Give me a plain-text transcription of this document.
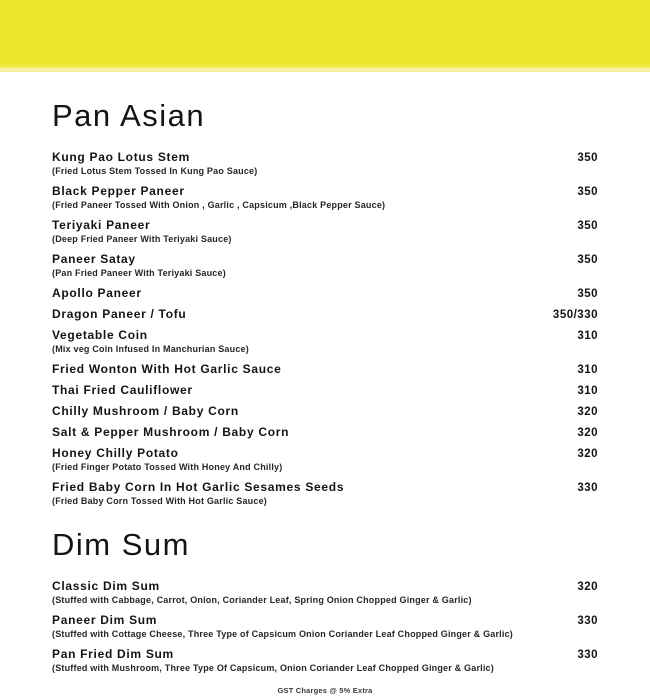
Pan Asian
Kung Pao Lotus Stem	350
(Fried Lotus Stem Tossed In Kung Pao Sauce)
Black Pepper Paneer	350
(Fried Paneer Tossed With Onion , Garlic , Capsicum ,Black Pepper Sauce)
Teriyaki Paneer	350
(Deep Fried Paneer With Teriyaki Sauce)
Paneer Satay	350
(Pan Fried Paneer With Teriyaki Sauce)
Apollo Paneer	350
Dragon Paneer / Tofu	350/330
Vegetable Coin	310
(Mix veg Coin Infused In Manchurian Sauce)
Fried Wonton With Hot Garlic Sauce	310
Thai Fried Cauliflower	310
Chilly Mushroom / Baby Corn	320
Salt & Pepper Mushroom / Baby Corn	320
Honey Chilly Potato	320
(Fried Finger Potato Tossed With Honey And Chilly)
Fried Baby Corn In Hot Garlic Sesames Seeds	330
(Fried Baby Corn Tossed With Hot Garlic Sauce)
Dim Sum
Classic Dim Sum	320
(Stuffed with Cabbage, Carrot, Onion, Coriander Leaf, Spring Onion Chopped Ginger & Garlic)
Paneer Dim Sum	330
(Stuffed with Cottage Cheese, Three Type of Capsicum Onion Coriander Leaf Chopped Ginger & Garlic)
Pan Fried Dim Sum	330
(Stuffed with Mushroom, Three Type Of Capsicum, Onion Coriander Leaf Chopped Ginger & Garlic)
GST Charges @ 5% Extra
